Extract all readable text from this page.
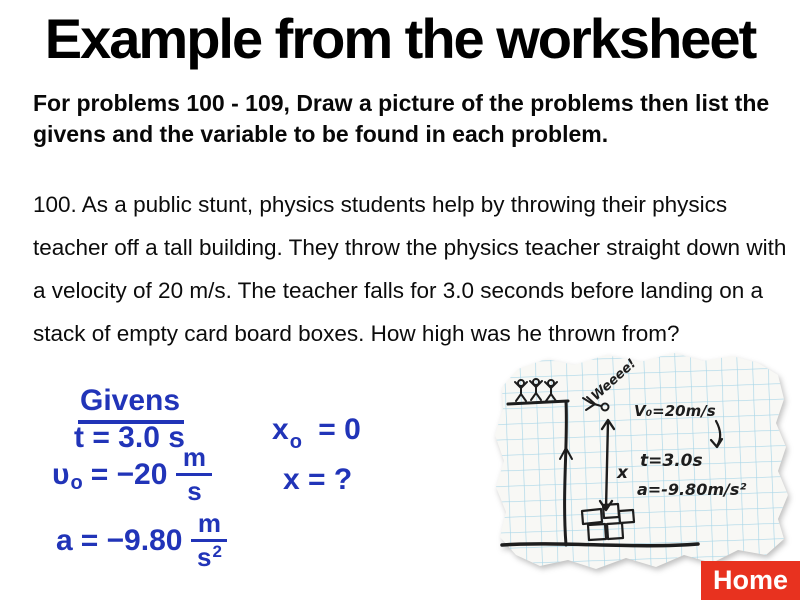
Example from the worksheet
For problems 100 - 109, Draw a picture of the problems then list the givens and the variable to be found in each problem.
100. As a public stunt, physics students help by throwing their physics teacher off a tall building. They throw the physics teacher straight down with a velocity of 20 m/s. The teacher falls for 3.0 seconds before landing on a stack of empty card board boxes. How high was he thrown from?
Givens
t = 3.0 s
υ $o = -20 \frac{m}{s}$
$a = -9.80 \frac{m}{s^2}$
$x_o = 0$
x = ?
Weeee!
V₀=20m/s
t=3.0s
a=-9.80m/s²
x
Home
